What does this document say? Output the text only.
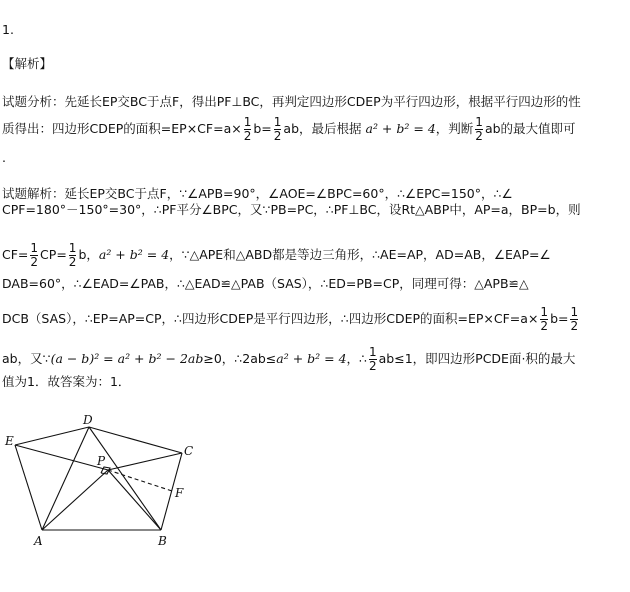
1.
【解析】
试题分析：先延长EP交BC于点F，得出PF⊥BC，再判定四边形CDEP为平行四边形，根据平行四边形的性
质得出：四边形CDEP的面积$=EP\times CF=a\times \frac{1}{2} b= \frac{1}{2}$ ab，最后根据 a² + b² = 4，判断 $\frac{1}{2}$ ab的最大值即可
.
试题解析：延长EP交BC于点F，∵∠APB=90°，∠AOE=∠BPC=60°，∴∠EPC=150°，∴∠
CPF=180°－150°=30°，∴PF平分∠BPC，又∵PB=PC，∴PF⊥BC，设Rt△ABP中，AP=a，BP=b，则
$CF= \frac{1}{2} CP= \frac{1}{2}$ b，a² + b² = 4，∵△APE和△ABD都是等边三角形，∴AE=AP，AD=AB，∠EAP=∠
DAB=60°，∴∠EAD=∠PAB，∴△EAD≌△PAB（SAS），∴ED=PB=CP，同理可得：△APB≌△
DCB（SAS），∴EP=AP=CP，∴四边形CDEP是平行四边形，∴四边形CDEP的面积$=EP\times CF=a\times \frac{1}{2} b= \frac{1}{2}$
ab，又∵(a − b)² = a² + b² − 2ab≥0，∴2ab≤a² + b² = 4，∴ $\frac{1}{2} ab\le 1$，即四边形PCDE面·积的最大
值为1．故答案为：1．
A	B
C
D
E
P
F
